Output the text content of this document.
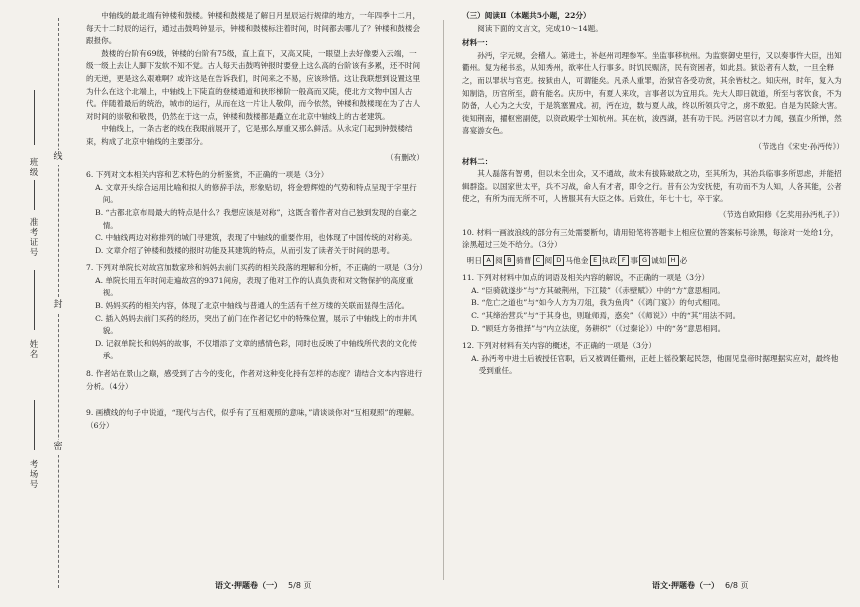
线
封
密
班级
姓名
准考证号
考场号

中轴线的最北端有钟楼和鼓楼。钟楼和鼓楼是了解日月星辰运行规律的地方，一年四季十二月，每天十二时辰的运行，通过击鼓鸣钟显示，钟楼和鼓楼标注着时间，时间都去哪儿了？钟楼和鼓楼会跟报你。

鼓楼的台阶有69级，钟楼的台阶有75级，直上直下，又高又陡，一眼望上去好像要入云端，一级一级上去让人脚下发软不知不觉。古人每天击鼓鸣钟报时要登上这么高的台阶该有多累，还不时间的无逆，更是这么艰难啊？或许这是在告诉我们，时间来之不易，应该珍惜。这让我联想到设置这里为什么在这个北端上，中轴线上下陡直的登楼通道和狭形梯阶一般高而又陡，使北方文物中国人古代。伴随着最后的统治，城市的运行，从而在这一片让人敬仰，而今依然，钟楼和鼓楼现在为了古人对时间的崇敬和敬畏，仍然在于这一点，钟楼和鼓楼都是矗立在北京中轴线上的古老建筑。

中轴线上，一条古老的线在我眼前展开了，它是那么厚重又那么鲜活。从永定门起到钟鼓楼结束，构成了北京中轴线的主要部分。

（有删改）

6. 下列对文本相关内容和艺术特色的分析鉴赏，不正确的一项是（3分）

A. 文章开头综合运用比喻和拟人的修辞手法，形象贴切，将金碧辉煌的气势和特点呈现于字里行间。

B. “古都北京布局最大的特点是什么？我想应该是对称”，这既含着作者对自己独到发现的自豪之情。

C. 中轴线两边对称排列的城门寻建筑，表现了中轴线的重要作用，也体现了中国传统的对称美。

D. 文章介绍了钟楼和鼓楼的报时功能及其建筑的特点，从而引发了读者关于时间的思考。

7. 下列对单院长对故宫加数家珍和妈妈去前门买药的相关段落的理解和分析，不正确的一项是（3分）

A. 单院长用五年时间走遍故宫的9371间房，表现了他对工作的认真负责和对文物保护的高度重视。

B. 妈妈买药的相关内容，体现了北京中轴线与普通人的生活有千丝万缕的关联而显得生活化。

C. 插入妈妈去前门买药的经历，突出了前门在作者记忆中的特殊位置，展示了中轴线上的市井风貌。

D. 记叙单院长和妈妈的故事，不仅增添了文章的感情色彩，同时也反映了中轴线所代表的文化传承。

8. 作者站在景山之巅，感受到了古今的变化，作者对这种变化持有怎样的态度？请结合文本内容进行分析。（4分）

9. 画横线的句子中说道，“现代与古代，似乎有了互相观照的意味，”请谈谈你对“互相观照”的理解。（6分）

语文·押题卷（一） 5/8 页

（三）阅读Ⅱ（本题共5小题，22分）

阅读下面的文言文，完成10～14题。

材料一：

孙沔，字元规，会稽人。第进士，补赵州司理参军。坐监事移杭州。为监察御史里行，又以奏事忤大臣，出知衢州。复为秘书丞，从知秀州，欲率仕人行事多。时饥民赈济，民有资困者，如此县。狱讼者有人数，一旦全释之，而以罪状与官吏。按狱由人，可谓能矣。凡杀人重罪，治狱官各受功赏，其余皆杖之。知庆州，时年，复入为知制诰，历官所至，蔚有能名。庆历中，有夏人来攻，言事者以为宜用兵。先大人即日就道，所至与客饮食，不为防备，人心为之大安，于是筑塞置戍。初，沔在边，数与夏人战，终以所领兵守之，虏不敢犯。自是为民除大害。徙知荆南，擢枢密副使，以资政殿学士知杭州。其在杭，浚西湖，甚有功于民。沔居官以才力闻，强直少所惮，然喜宴游女色。

（节选自《宋史·孙沔传》）

材料二：

其人磊落有智勇，但以未全出众，又不通故，故未有拔陈破敌之功，至其所为，其治兵临事多所思虑，并能招辑群盗。以国家世太平，兵不习战，命人有才者，即令之行。昔有公为安抚使，有功而不为人知，人各其能，公者使之，有所为而无所不可，人皆服其有大臣之体。后致仕，年七十七，卒于家。

（节选自欧阳修《乞奖用孙沔札子》）

10. 材料一画波浪线的部分有三处需要断句，请用铅笔将答题卡上相应位置的答案标号涂黑，每涂对一处给1分，涂黑超过三处不给分。（3分）

明日 A 阅 B 骑曹 C 阅 D 马他金 E 执政 F 事 G 诚如 H 必

11. 下列对材料中加点的词语及相关内容的解说，不正确的一项是（3分）

A. “臣骑就遂步”与“方其破荆州，下江陵”（《赤壁赋》）中的“方”意思相同。

B. “危亡之道也”与“如今人方为刀俎，我为鱼肉”（《鸿门宴》）的句式相同。

C. “其缔治营兵”与“于其身也，则耻师焉，惑矣”（《师说》）中的“其”用法不同。

D. “顾廷方务推择”与“内立法度，务耕织”（《过秦论》）中的“务”意思相同。

12. 下列对材料有关内容的概述，不正确的一项是（3分）

A. 孙沔考中进士后被授任官职，后又被调任衢州，正赶上徭役繁起民怨，他面见皇帝时据理据实应对，最终他受到重任。

语文·押题卷（一） 6/8 页
